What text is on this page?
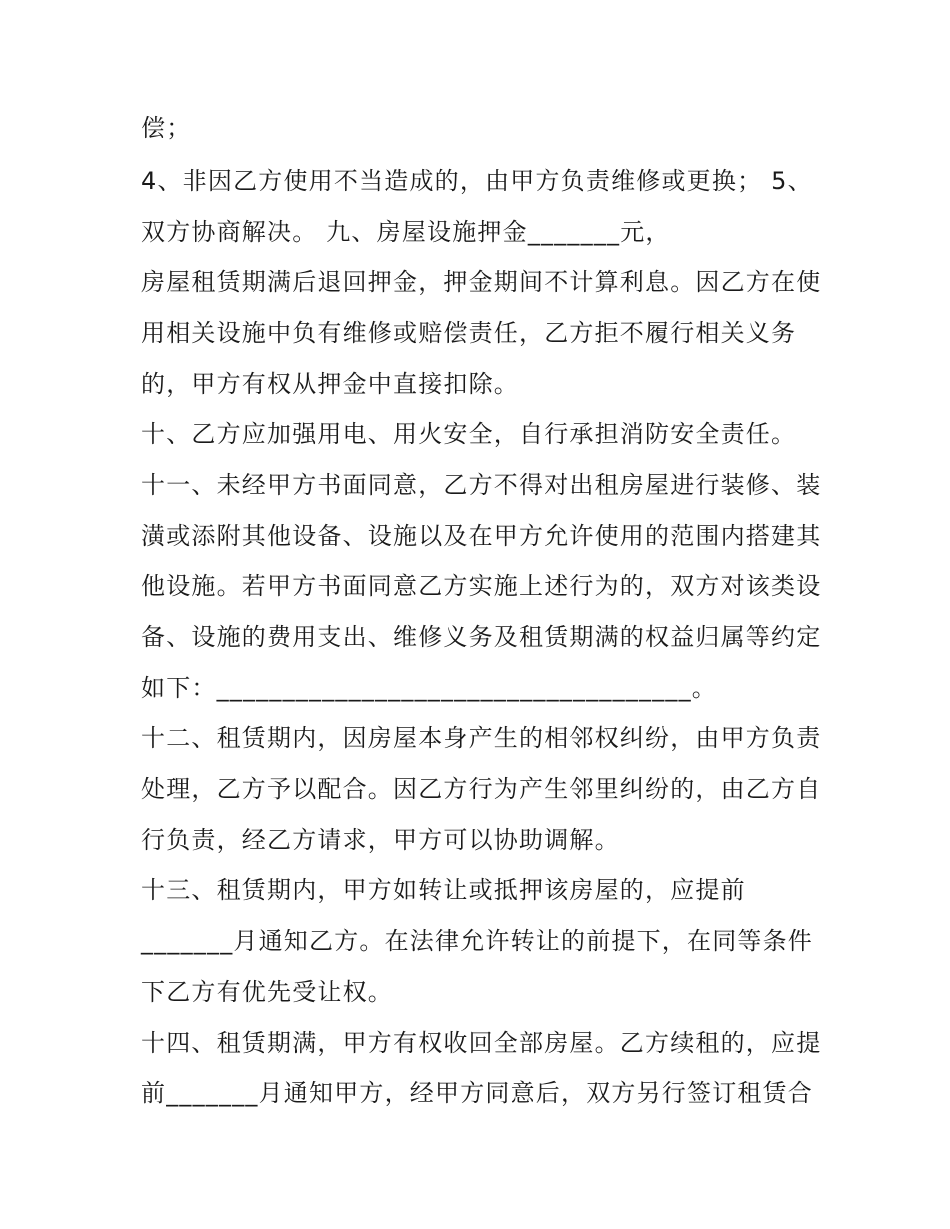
偿；
4、非因乙方使用不当造成的，由甲方负责维修或更换； 5、
双方协商解决。 九、房屋设施押金_______元，
房屋租赁期满后退回押金，押金期间不计算利息。因乙方在使
用相关设施中负有维修或赔偿责任，乙方拒不履行相关义务
的，甲方有权从押金中直接扣除。
十、乙方应加强用电、用火安全，自行承担消防安全责任。
十一、未经甲方书面同意，乙方不得对出租房屋进行装修、装
潢或添附其他设备、设施以及在甲方允许使用的范围内搭建其
他设施。若甲方书面同意乙方实施上述行为的，双方对该类设
备、设施的费用支出、维修义务及租赁期满的权益归属等约定
如下：____________________________________。
十二、租赁期内，因房屋本身产生的相邻权纠纷，由甲方负责
处理，乙方予以配合。因乙方行为产生邻里纠纷的，由乙方自
行负责，经乙方请求，甲方可以协助调解。
十三、租赁期内，甲方如转让或抵押该房屋的，应提前
_______月通知乙方。在法律允许转让的前提下，在同等条件
下乙方有优先受让权。
十四、租赁期满，甲方有权收回全部房屋。乙方续租的，应提
前_______月通知甲方，经甲方同意后，双方另行签订租赁合
